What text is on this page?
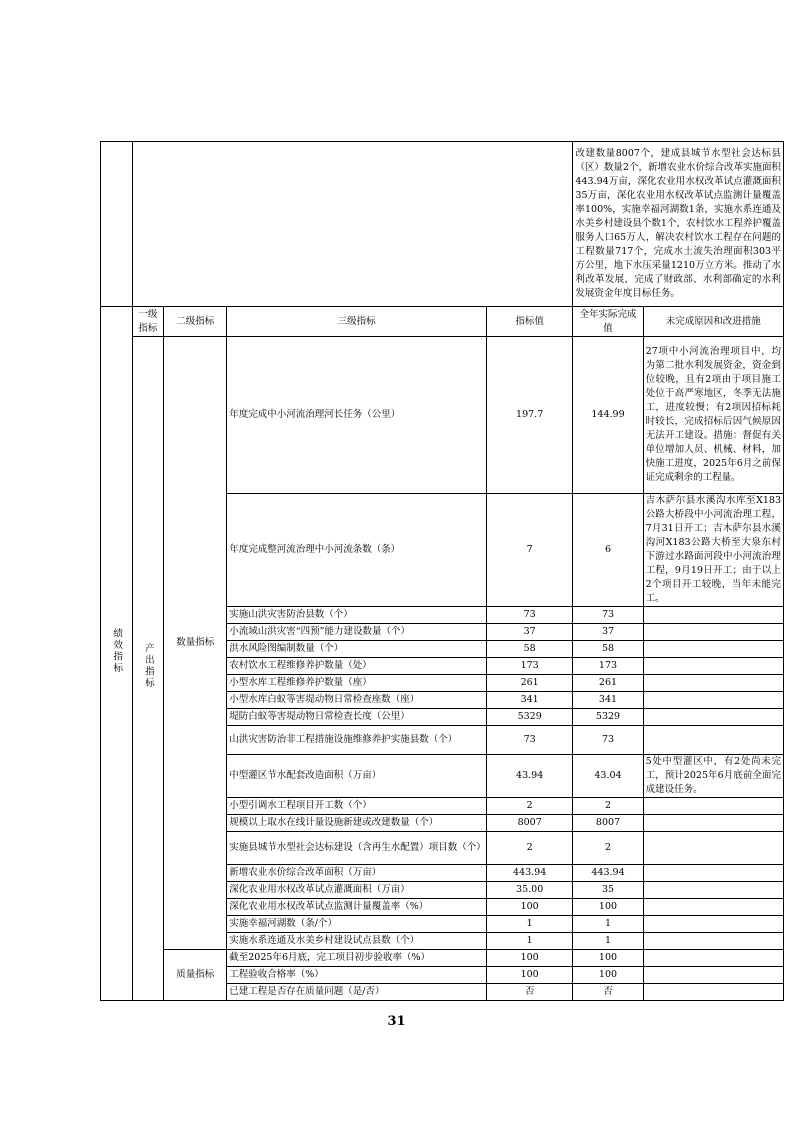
					改建数量8007个，建成县城节水型社会达标县（区）数量2个，新增农业水价综合改革实施面积443.94万亩，深化农业用水权改革试点灌溉面积35万亩，深化农业用水权改革试点监测计量覆盖率100%，实施幸福河湖数1条，实施水系连通及水美乡村建设县个数1个，农村饮水工程养护覆盖服务人口65万人，解决农村饮水工程存在问题的工程数量717个，完成水土流失治理面积303平方公里，地下水压采量1210万立方米。推动了水利改革发展，完成了财政部、水利部确定的水利发展资金年度目标任务。	
绩效指标	一级指标	二级指标	三级指标	指标值	全年实际完成值	未完成原因和改进措施
	产出指标	数量指标	年度完成中小河流治理河长任务（公里）	197.7	144.99	27项中小河流治理项目中，均为第二批水利发展资金，资金到位较晚，且有2项由于项目施工处位于高严寒地区，冬季无法施工，进度较慢；有2项因招标耗时较长，完成招标后因气候原因无法开工建设。措施：督促有关单位增加人员、机械、材料，加快施工进度，2025年6月之前保证完成剩余的工程量。
			年度完成整河流治理中小河流条数（条）	7	6	吉木萨尔县水溪沟水库至X183公路大桥段中小河流治理工程，7月31日开工；吉木萨尔县水溪沟河X183公路大桥至大泉东村下游过水路面河段中小河流治理工程，9月19日开工；由于以上2个项目开工较晚，当年未能完工。
			实施山洪灾害防治县数（个）	73	73	
			小流域山洪灾害“四预”能力建设数量（个）	37	37	
			洪水风险图编制数量（个）	58	58	
			农村饮水工程维修养护数量（处）	173	173	
			小型水库工程维修养护数量（座）	261	261	
			小型水库白蚁等害堤动物日常检查座数（座）	341	341	
			堤防白蚁等害堤动物日常检查长度（公里）	5329	5329	
			山洪灾害防治非工程措施设施维修养护实施县数（个）	73	73	
			中型灌区节水配套改造面积（万亩）	43.94	43.04	5处中型灌区中，有2处尚未完工，预计2025年6月底前全面完成建设任务。
			小型引调水工程项目开工数（个）	2	2	
			规模以上取水在线计量设施新建或改建数量（个）	8007	8007	
			实施县城节水型社会达标建设（含再生水配置）项目数（个）	2	2	
			新增农业水价综合改革面积（万亩）	443.94	443.94	
			深化农业用水权改革试点灌溉面积（万亩）	35.00	35	
			深化农业用水权改革试点监测计量覆盖率（%）	100	100	
			实施幸福河湖数（条/个）	1	1	
			实施水系连通及水美乡村建设试点县数（个）	1	1	
		质量指标	截至2025年6月底，完工项目初步验收率（%）	100	100	
			工程验收合格率（%）	100	100	
			已建工程是否存在质量问题（是/否）	否	否	
31
